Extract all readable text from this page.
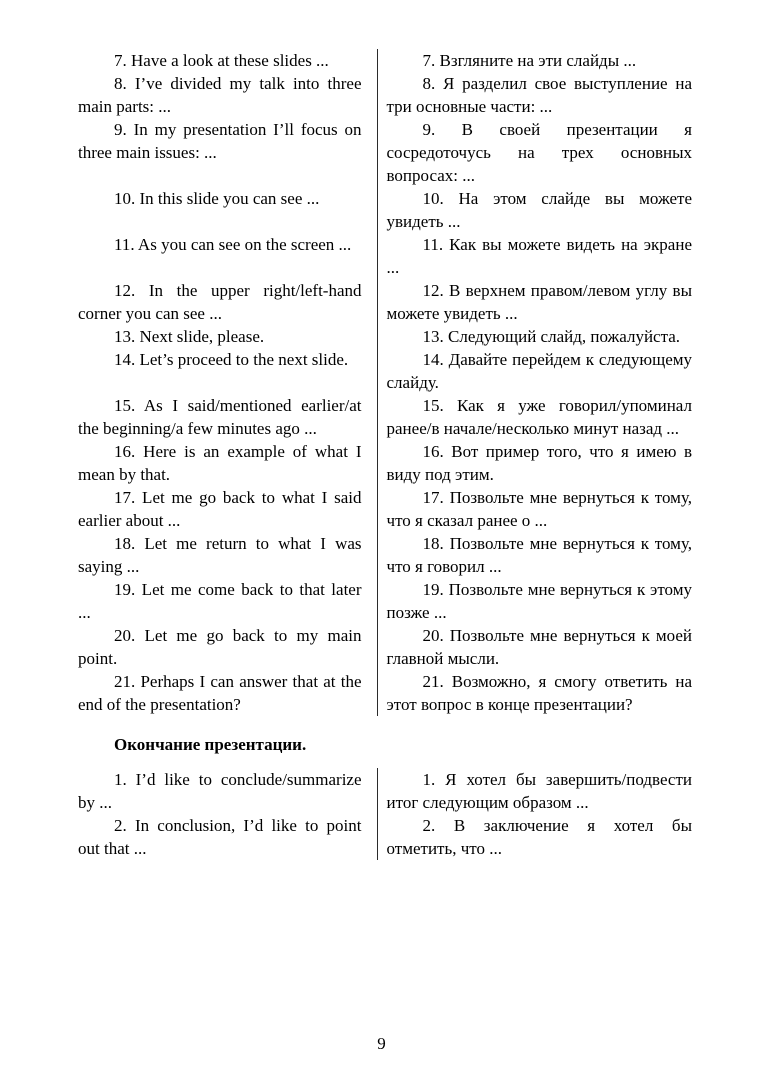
7. Have a look at these slides ...	7. Взгляните на эти слайды ...

8. I’ve divided my talk into three main parts: ...	8. Я разделил свое выступление на три основные части: ...

9. In my presentation I’ll focus on three main issues: ...	9. В своей презентации я сосредоточусь на трех основных вопросах: ...

10. In this slide you can see ...	10. На этом слайде вы можете увидеть ...

11. As you can see on the screen ...	11. Как вы можете видеть на экране ...

12. In the upper right/left-hand corner you can see ...	12. В верхнем правом/левом углу вы можете увидеть ...

13. Next slide, please.	13. Следующий слайд, пожалуйста.

14. Let’s proceed to the next slide.	14. Давайте перейдем к следующему слайду.

15. As I said/mentioned earlier/at the beginning/a few minutes ago ...	15. Как я уже говорил/упоминал ранее/в начале/несколько минут назад ...

16. Here is an example of what I mean by that.	16. Вот пример того, что я имею в виду под этим.

17. Let me go back to what I said earlier about ...	17. Позвольте мне вернуться к тому, что я сказал ранее о ...

18. Let me return to what I was saying ...	18. Позвольте мне вернуться к тому, что я говорил ...

19. Let me come back to that later ...	19. Позвольте мне вернуться к этому позже ...

20. Let me go back to my main point.	20. Позвольте мне вернуться к моей главной мысли.

21. Perhaps I can answer that at the end of the presentation?	21. Возможно, я смогу ответить на этот вопрос в конце презентации?

Окончание презентации.

1. I’d like to conclude/summarize by ...	1. Я хотел бы завершить/подвести итог следующим образом ...

2. In conclusion, I’d like to point out that ...	2. В заключение я хотел бы отметить, что ...

9
